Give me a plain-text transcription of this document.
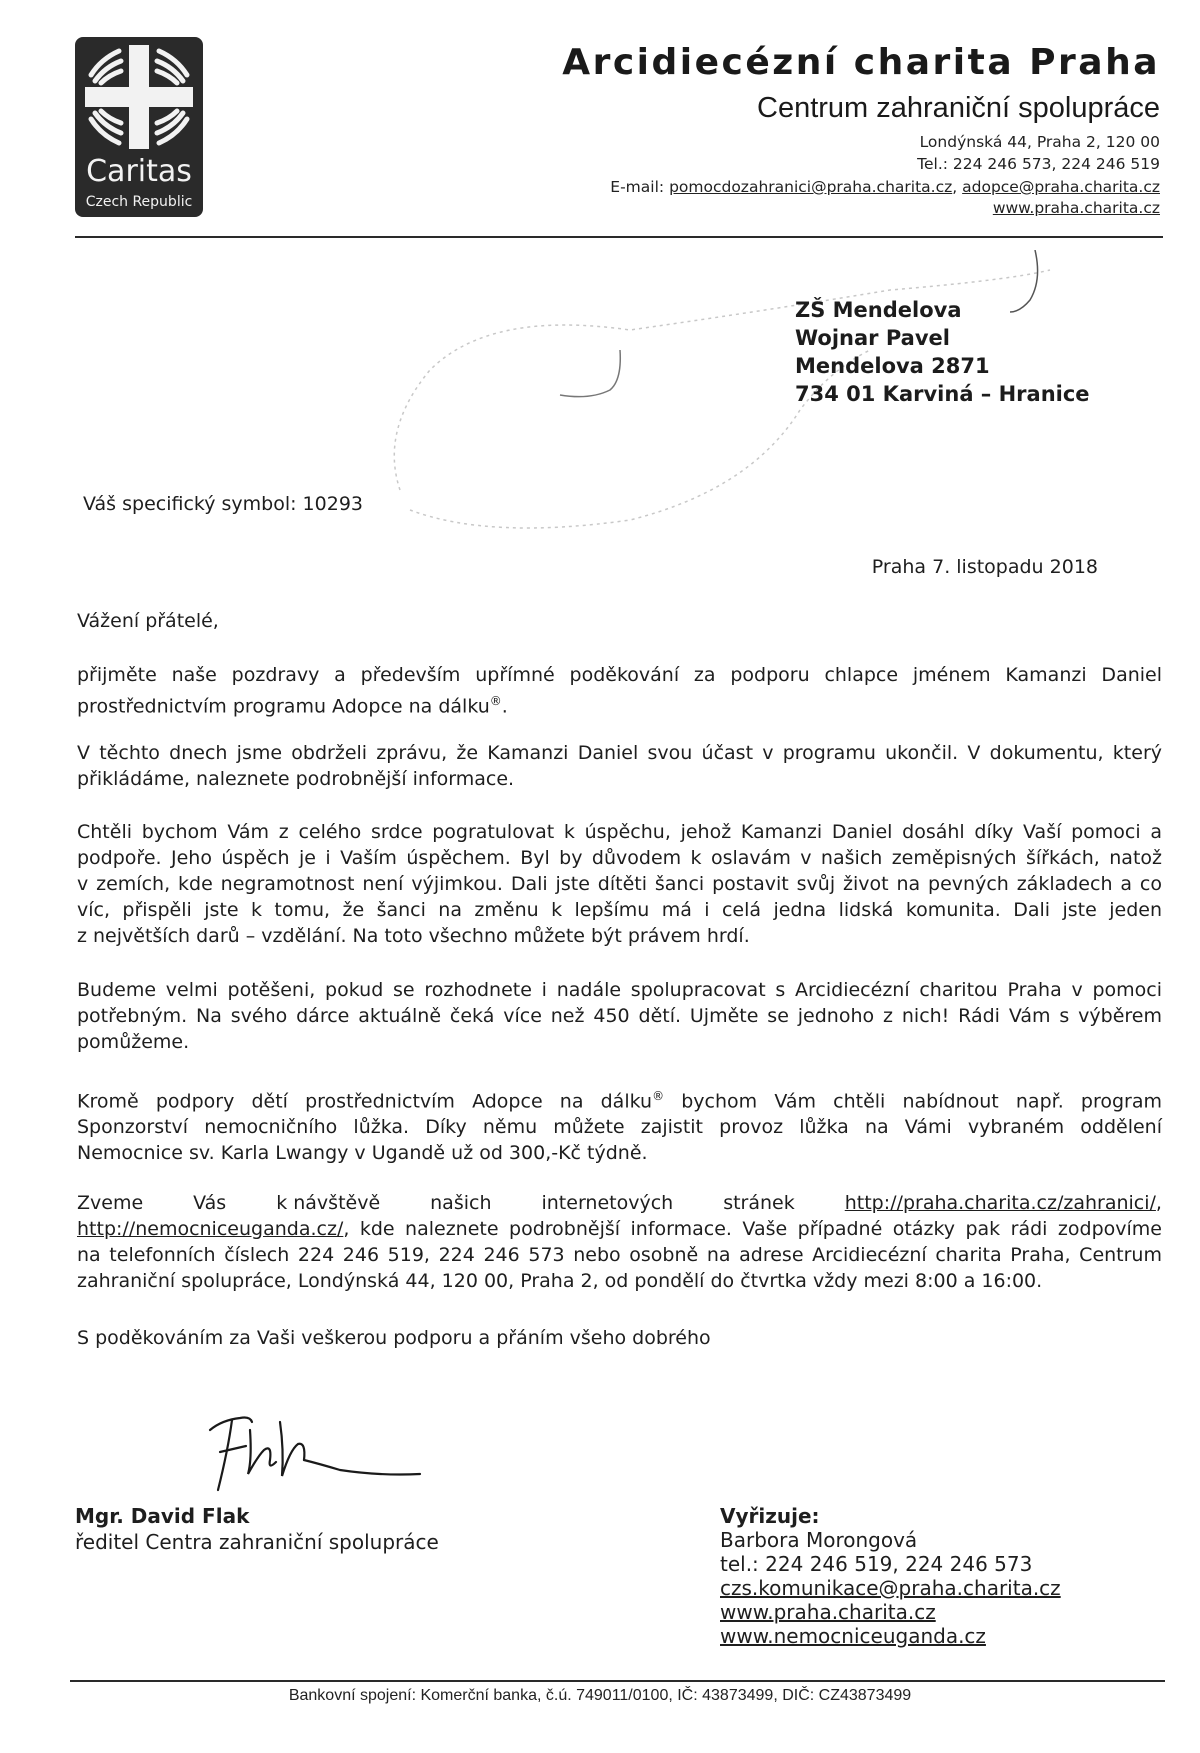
Caritas
Czech Republic
Arcidiecézní charita Praha
Centrum zahraniční spolupráce
Londýnská 44, Praha 2, 120 00
Tel.: 224 246 573, 224 246 519
E-mail: pomocdozahranici@praha.charita.cz, adopce@praha.charita.cz
www.praha.charita.cz
ZŠ Mendelova
Wojnar Pavel
Mendelova 2871
734 01 Karviná – Hranice
Váš specifický symbol: 10293
Praha 7. listopadu 2018
Vážení přátelé,
přijměte naše pozdravy a především upřímné poděkování za podporu chlapce jménem Kamanzi Daniel
prostřednictvím programu Adopce na dálku®.
V těchto dnech jsme obdrželi zprávu, že Kamanzi Daniel svou účast v programu ukončil. V dokumentu, který
přikládáme, naleznete podrobnější informace.
Chtěli bychom Vám z celého srdce pogratulovat k úspěchu, jehož Kamanzi Daniel dosáhl díky Vaší pomoci a
podpoře. Jeho úspěch je i Vaším úspěchem. Byl by důvodem k oslavám v našich zeměpisných šířkách, natož
v zemích, kde negramotnost není výjimkou. Dali jste dítěti šanci postavit svůj život na pevných základech a co
víc, přispěli jste k tomu, že šanci na změnu k lepšímu má i celá jedna lidská komunita. Dali jste jeden
z největších darů – vzdělání. Na toto všechno můžete být právem hrdí.
Budeme velmi potěšeni, pokud se rozhodnete i nadále spolupracovat s Arcidiecézní charitou Praha v pomoci
potřebným. Na svého dárce aktuálně čeká více než 450 dětí. Ujměte se jednoho z nich! Rádi Vám s výběrem
pomůžeme.
Kromě podpory dětí prostřednictvím Adopce na dálku® bychom Vám chtěli nabídnout např. program
Sponzorství nemocničního lůžka. Díky němu můžete zajistit provoz lůžka na Vámi vybraném oddělení
Nemocnice sv. Karla Lwangy v Ugandě už od 300,-Kč týdně.
Zveme	Vás	k návštěvě	našich	internetových	stránek	http://praha.charita.cz/zahranici/,
http://nemocniceuganda.cz/, kde naleznete podrobnější informace. Vaše případné otázky pak rádi zodpovíme
na telefonních číslech 224 246 519, 224 246 573 nebo osobně na adrese Arcidiecézní charita Praha, Centrum
zahraniční spolupráce, Londýnská 44, 120 00, Praha 2, od pondělí do čtvrtka vždy mezi 8:00 a 16:00.
S poděkováním za Vaši veškerou podporu a přáním všeho dobrého
Mgr. David Flak
ředitel Centra zahraniční spolupráce
Vyřizuje:
Barbora Morongová
tel.: 224 246 519, 224 246 573
czs.komunikace@praha.charita.cz
www.praha.charita.cz
www.nemocniceuganda.cz
Bankovní spojení: Komerční banka, č.ú. 749011/0100, IČ: 43873499, DIČ: CZ43873499
